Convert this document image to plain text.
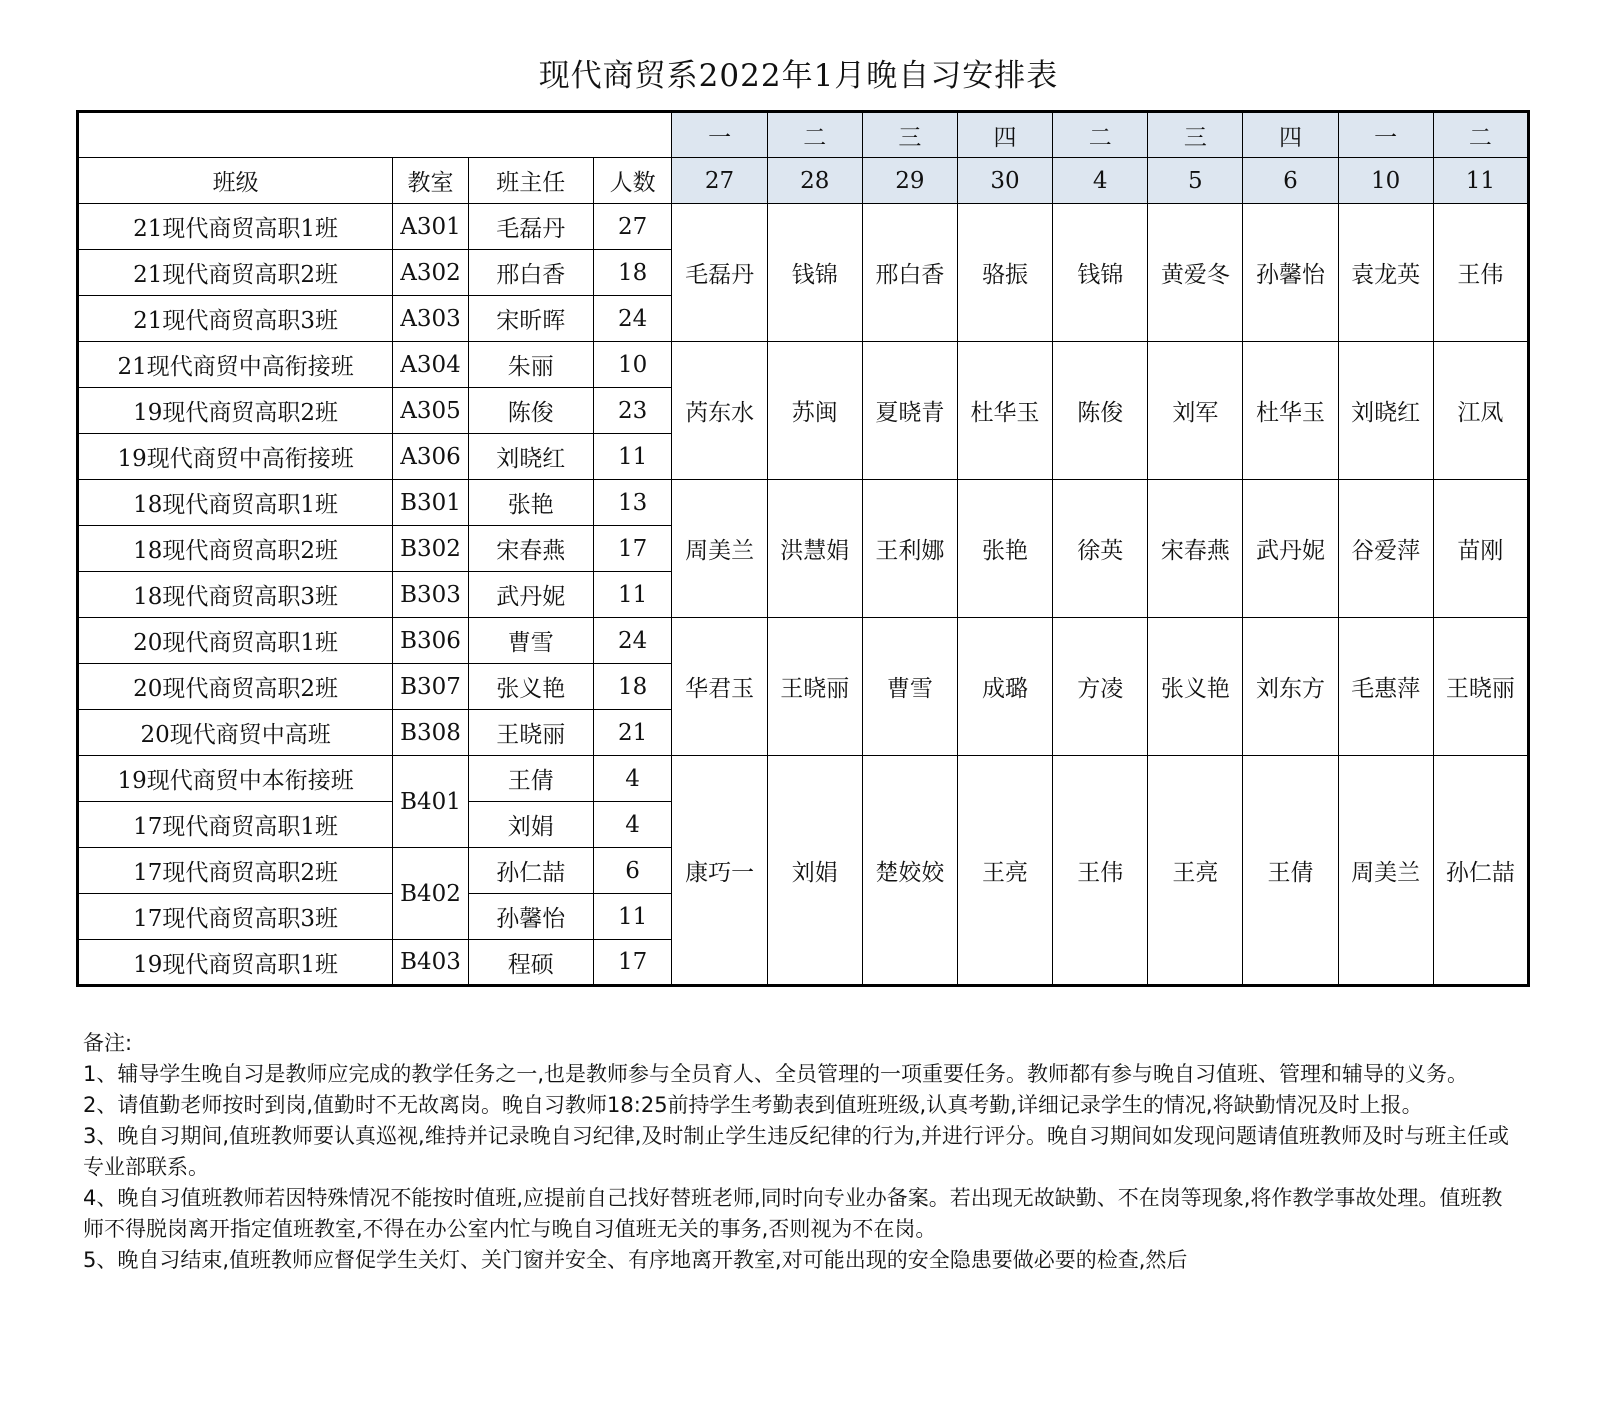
现代商贸系2022年1月晚自习安排表
				一	二	三	四	二	三	四	一	二
班级	教室	班主任	人数	27	28	29	30	4	5	6	10	11
21现代商贸高职1班	A301	毛磊丹	27	毛磊丹	钱锦	邢白香	骆振	钱锦	黄爱冬	孙馨怡	袁龙英	王伟
21现代商贸高职2班	A302	邢白香	18									
21现代商贸高职3班	A303	宋昕晖	24									
21现代商贸中高衔接班	A304	朱丽	10	芮东水	苏闽	夏晓青	杜华玉	陈俊	刘军	杜华玉	刘晓红	江凤
19现代商贸高职2班	A305	陈俊	23									
19现代商贸中高衔接班	A306	刘晓红	11									
18现代商贸高职1班	B301	张艳	13	周美兰	洪慧娟	王利娜	张艳	徐英	宋春燕	武丹妮	谷爱萍	苗刚
18现代商贸高职2班	B302	宋春燕	17									
18现代商贸高职3班	B303	武丹妮	11									
20现代商贸高职1班	B306	曹雪	24	华君玉	王晓丽	曹雪	成璐	方凌	张义艳	刘东方	毛惠萍	王晓丽
20现代商贸高职2班	B307	张义艳	18									
20现代商贸中高班	B308	王晓丽	21									
19现代商贸中本衔接班	B401	王倩	4	康巧一	刘娟	楚姣姣	王亮	王伟	王亮	王倩	周美兰	孙仁喆
17现代商贸高职1班		刘娟	4									
17现代商贸高职2班	B402	孙仁喆	6									
17现代商贸高职3班		孙馨怡	11									
19现代商贸高职1班	B403	程硕	17									

备注:

1、辅导学生晚自习是教师应完成的教学任务之一,也是教师参与全员育人、全员管理的一项重要任务。教师都有参与晚自习值班、管理和辅导的义务。

2、请值勤老师按时到岗,值勤时不无故离岗。晚自习教师18:25前持学生考勤表到值班班级,认真考勤,详细记录学生的情况,将缺勤情况及时上报。

3、晚自习期间,值班教师要认真巡视,维持并记录晚自习纪律,及时制止学生违反纪律的行为,并进行评分。晚自习期间如发现问题请值班教师及时与班主任或专业部联系。

4、晚自习值班教师若因特殊情况不能按时值班,应提前自己找好替班老师,同时向专业办备案。若出现无故缺勤、不在岗等现象,将作教学事故处理。值班教师不得脱岗离开指定值班教室,不得在办公室内忙与晚自习值班无关的事务,否则视为不在岗。

5、晚自习结束,值班教师应督促学生关灯、关门窗并安全、有序地离开教室,对可能出现的安全隐患要做必要的检查,然后
